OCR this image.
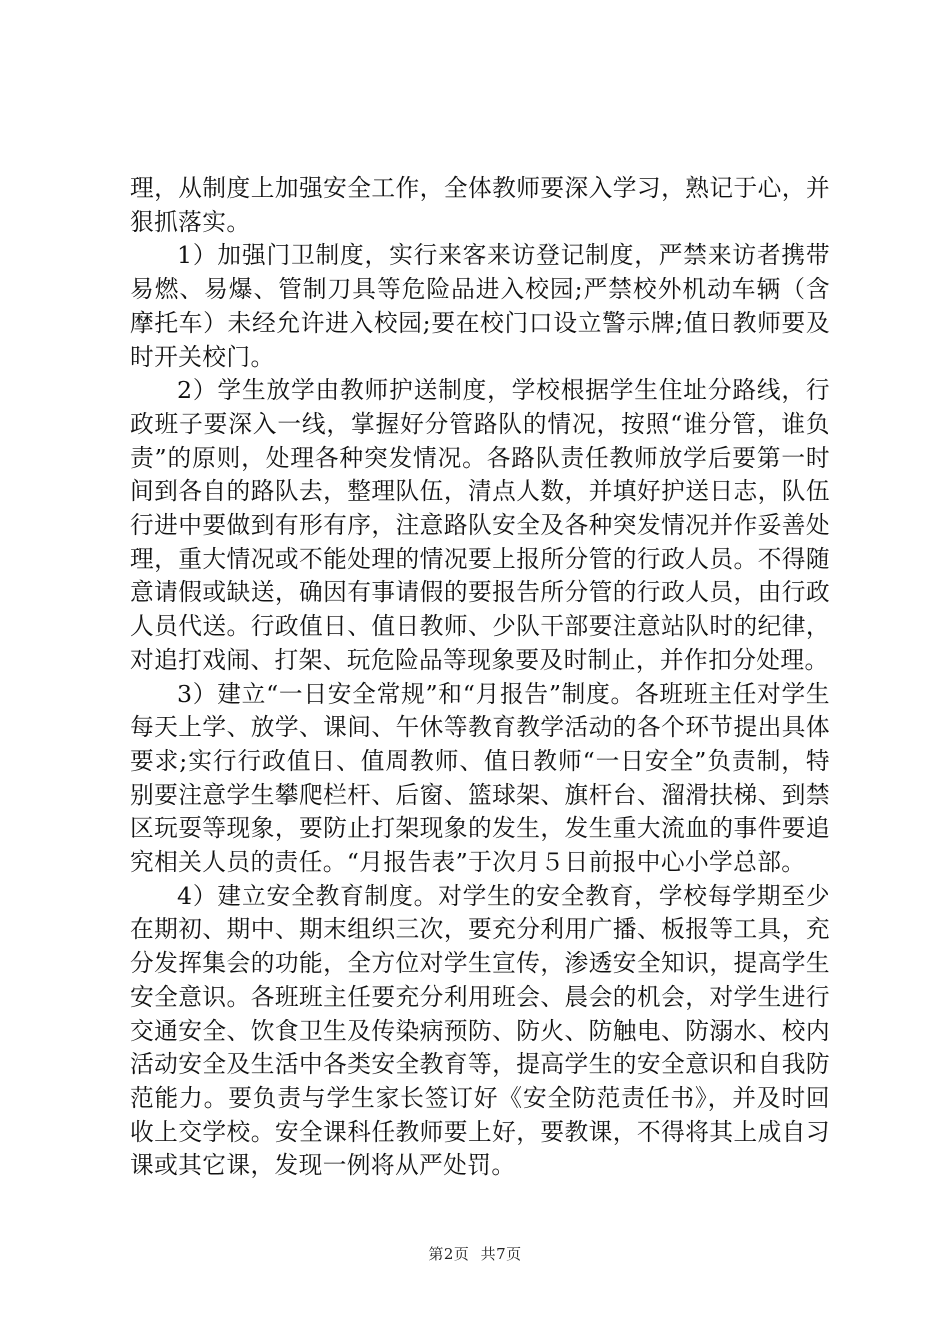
理，从制度上加强安全工作，全体教师要深入学习，熟记于心，并狠抓落实。

1）加强门卫制度，实行来客来访登记制度，严禁来访者携带易燃、易爆、管制刀具等危险品进入校园;严禁校外机动车辆（含摩托车）未经允许进入校园;要在校门口设立警示牌;值日教师要及时开关校门。

2）学生放学由教师护送制度，学校根据学生住址分路线，行政班子要深入一线，掌握好分管路队的情况，按照“谁分管，谁负责”的原则，处理各种突发情况。各路队责任教师放学后要第一时间到各自的路队去，整理队伍，清点人数，并填好护送日志，队伍行进中要做到有形有序，注意路队安全及各种突发情况并作妥善处理，重大情况或不能处理的情况要上报所分管的行政人员。不得随意请假或缺送，确因有事请假的要报告所分管的行政人员，由行政人员代送。行政值日、值日教师、少队干部要注意站队时的纪律，对追打戏闹、打架、玩危险品等现象要及时制止，并作扣分处理。

3）建立“一日安全常规”和“月报告”制度。各班班主任对学生每天上学、放学、课间、午休等教育教学活动的各个环节提出具体要求;实行行政值日、值周教师、值日教师“一日安全”负责制，特别要注意学生攀爬栏杆、后窗、篮球架、旗杆台、溜滑扶梯、到禁区玩耍等现象，要防止打架现象的发生，发生重大流血的事件要追究相关人员的责任。“月报告表”于次月５日前报中心小学总部。

4）建立安全教育制度。对学生的安全教育，学校每学期至少在期初、期中、期末组织三次，要充分利用广播、板报等工具，充分发挥集会的功能，全方位对学生宣传，渗透安全知识，提高学生安全意识。各班班主任要充分利用班会、晨会的机会，对学生进行交通安全、饮食卫生及传染病预防、防火、防触电、防溺水、校内活动安全及生活中各类安全教育等，提高学生的安全意识和自我防范能力。要负责与学生家长签订好《安全防范责任书》，并及时回收上交学校。安全课科任教师要上好，要教课，不得将其上成自习课或其它课，发现一例将从严处罚。

第2页 共7页
